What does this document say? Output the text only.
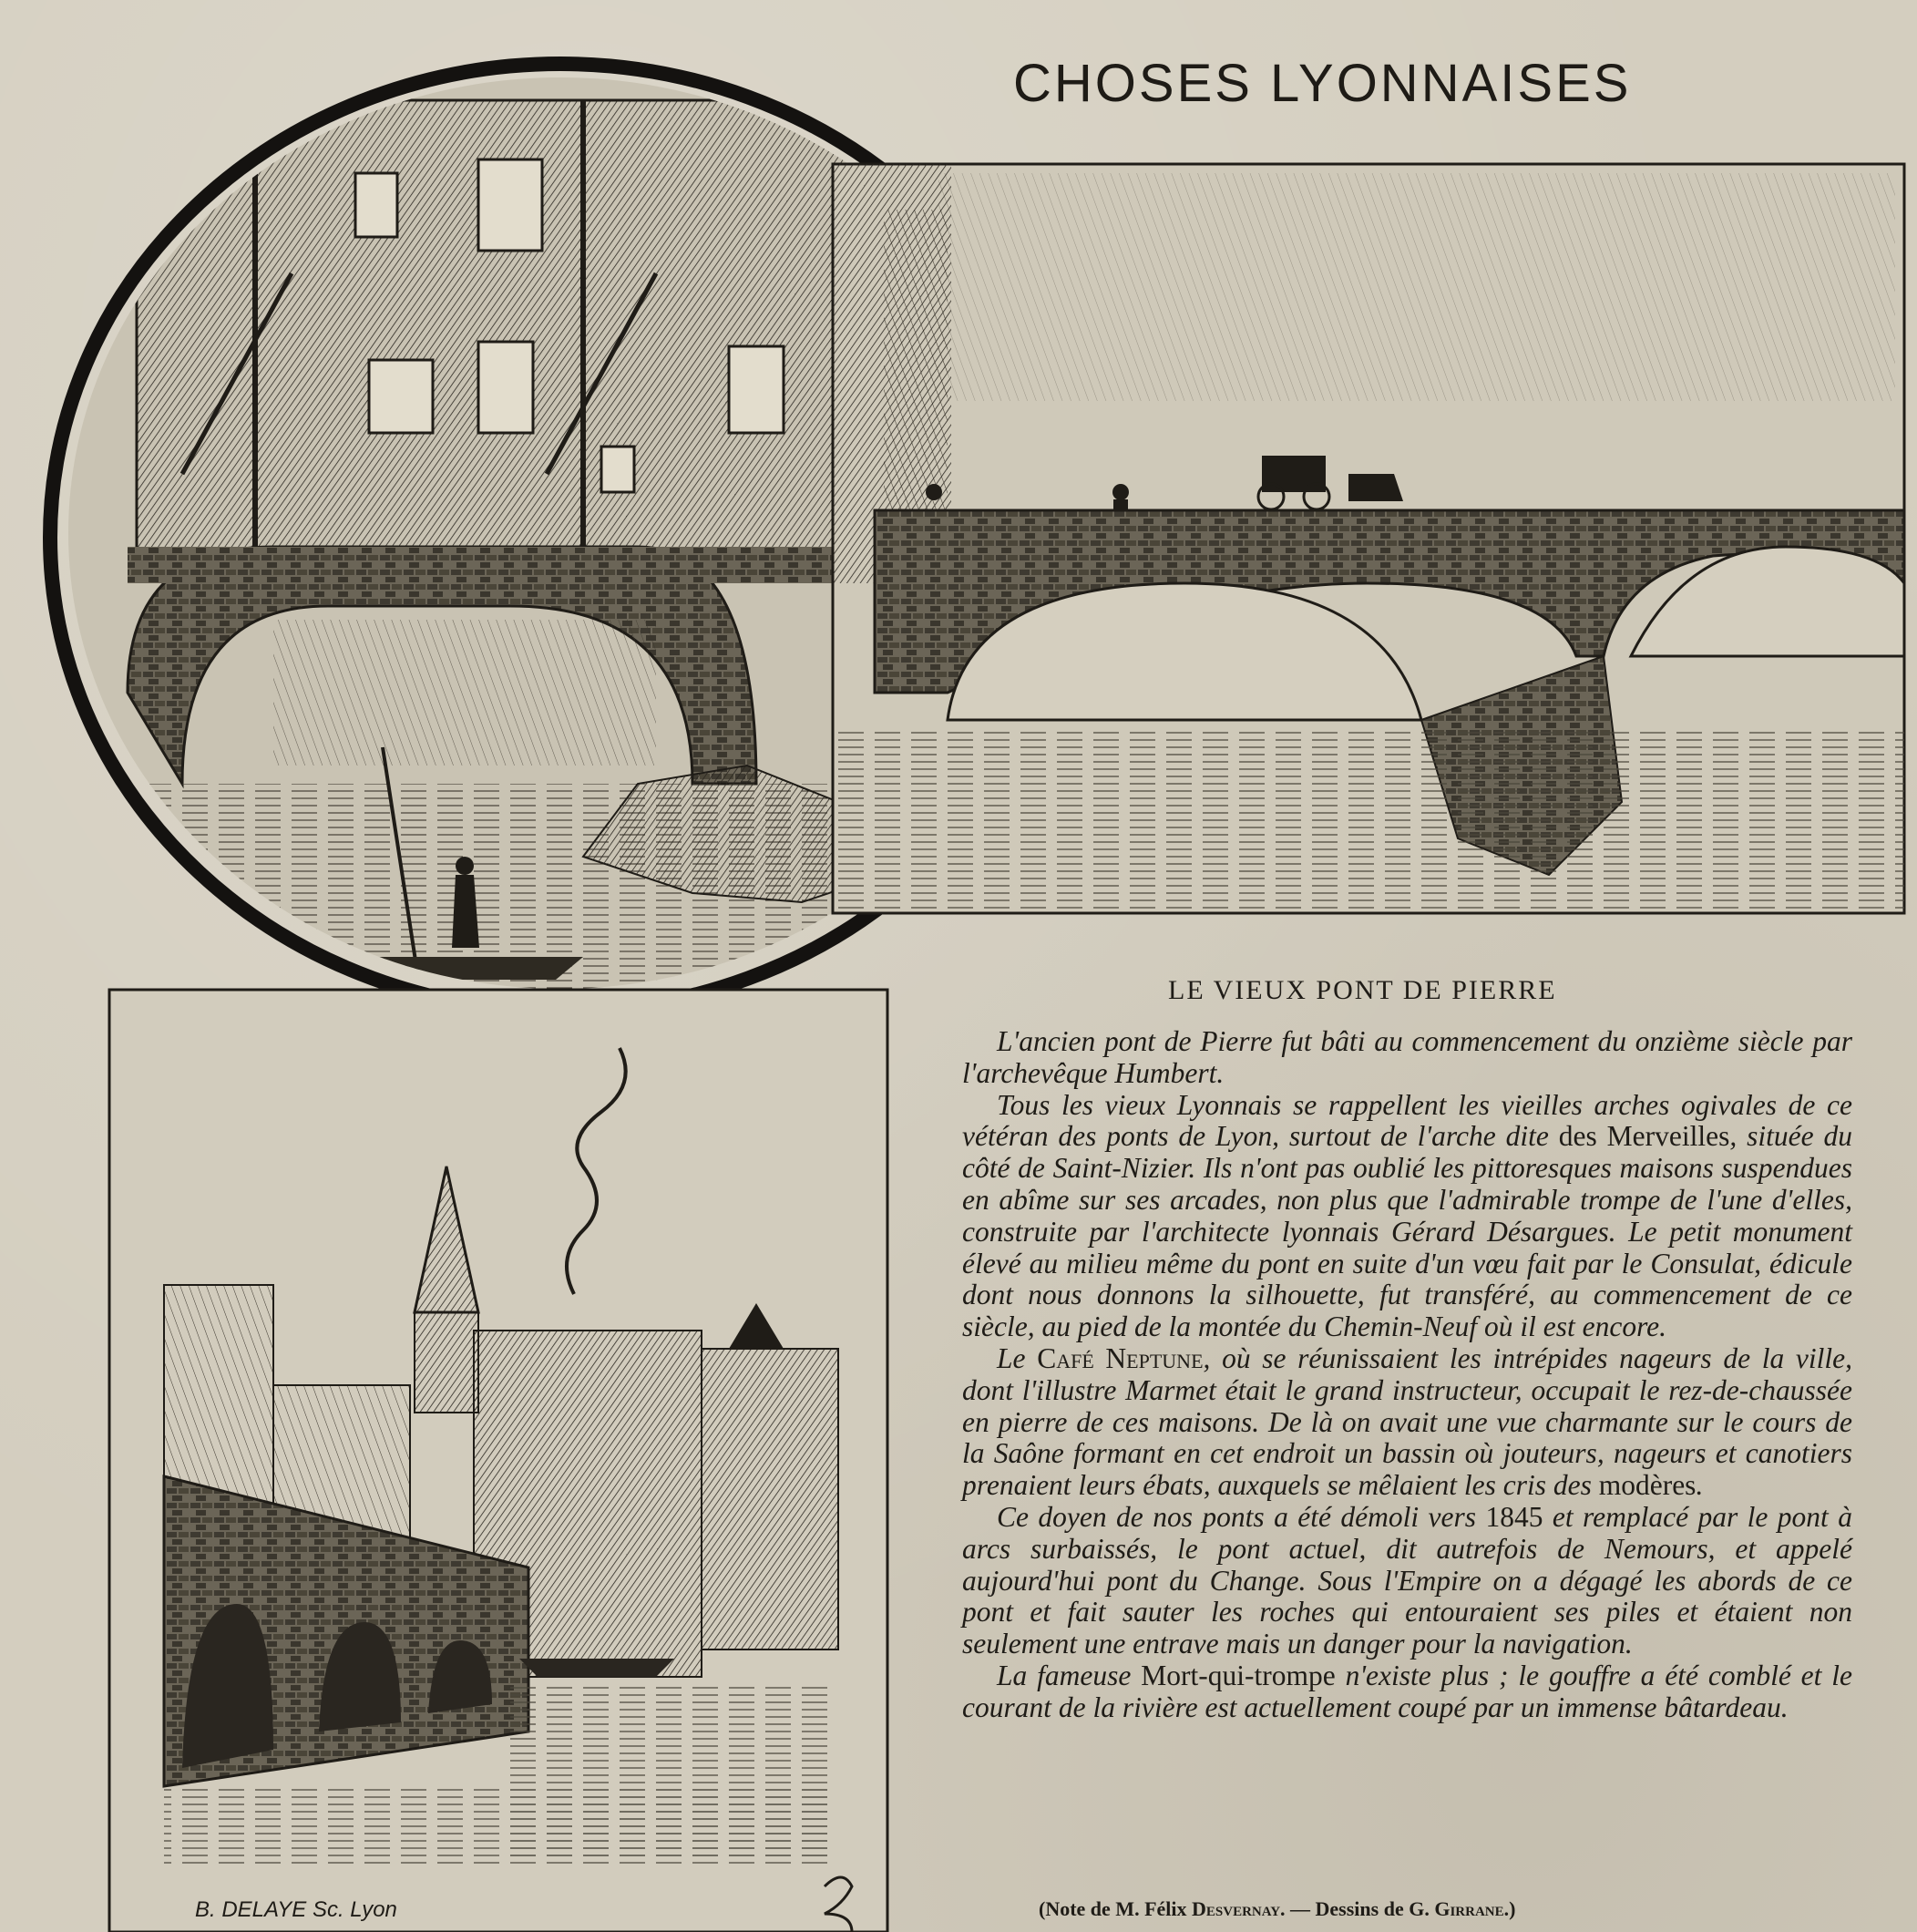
CHOSES LYONNAISES
LE VIEUX PONT DE PIERRE

L'ancien pont de Pierre fut bâti au commencement du onzième siècle par l'archevêque Humbert.

Tous les vieux Lyonnais se rappellent les vieilles arches ogivales de ce vétéran des ponts de Lyon, surtout de l'arche dite des Merveilles, située du côté de Saint-Nizier. Ils n'ont pas oublié les pittoresques maisons suspendues en abîme sur ses arcades, non plus que l'admirable trompe de l'une d'elles, construite par l'architecte lyonnais Gérard Désargues. Le petit monument élevé au milieu même du pont en suite d'un vœu fait par le Consulat, édicule dont nous donnons la silhouette, fut transféré, au commencement de ce siècle, au pied de la montée du Chemin-Neuf où il est encore.

Le Café Neptune, où se réunissaient les intrépides nageurs de la ville, dont l'illustre Marmet était le grand instructeur, occupait le rez-de-chaussée en pierre de ces maisons. De là on avait une vue charmante sur le cours de la Saône formant en cet endroit un bassin où jouteurs, nageurs et canotiers prenaient leurs ébats, auxquels se mêlaient les cris des modères.

Ce doyen de nos ponts a été démoli vers 1845 et remplacé par le pont à arcs surbaissés, le pont actuel, dit autrefois de Nemours, et appelé aujourd'hui pont du Change. Sous l'Empire on a dégagé les abords de ce pont et fait sauter les roches qui entouraient ses piles et étaient non seulement une entrave mais un danger pour la navigation.

La fameuse Mort-qui-trompe n'existe plus ; le gouffre a été comblé et le courant de la rivière est actuellement coupé par un immense bâtardeau.

(Note de M. Félix Desvernay. — Dessins de G. Girrane.)
B. DELAYE Sc. Lyon
